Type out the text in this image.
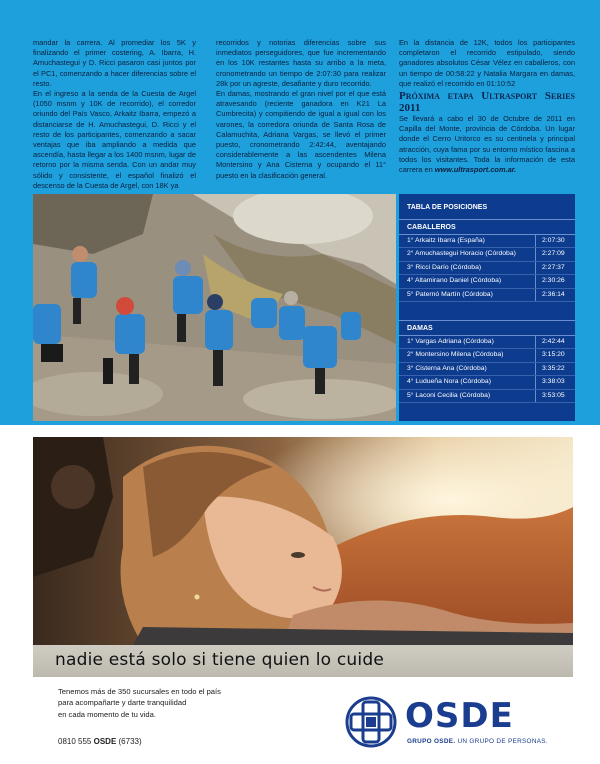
mandar la carrera. Al promediar los 5K y finalizando el primer costering, A. Ibarra, H. Amuchastegui y D. Ricci pasaron casi juntos por el PC1, comenzando a hacer diferencias sobre el resto.

En el ingreso a la senda de la Cuesta de Argel (1050 msnm y 10K de recorrido), el corredor oriundo del País Vasco, Arkaitz Ibarra, empezó a distanciarse de H. Amuchastegui, D. Ricci y el resto de los participantes, comenzando a sacar ventajas que iba ampliando a medida que ascendía, hasta llegar a los 1400 msnm, lugar de retorno por la misma senda. Con un andar muy sólido y consistente, el español finalizó el descenso de la Cuesta de Argel, con 18K ya

recorridos y notorias diferencias sobre sus inmediatos perseguidores, que fue incrementando en los 10K restantes hasta su arribo a la meta, cronometrando un tiempo de 2:07:30 para realizar 28k por un agreste, desafiante y duro recorrido.

En damas, mostrando el gran nivel por el que está atravesando (reciente ganadora en K21 La Cumbrecita) y compitiendo de igual a igual con los varones, la corredora oriunda de Santa Rosa de Calamuchita, Adriana Vargas, se llevó el primer puesto, cronometrando 2:42:44, aventajando considerablemente a las ascendentes Milena Montersino y Ana Cisterna y ocupando el 11° puesto en la clasificación general.

En la distancia de 12K, todos los participantes completaron el recorrido estipulado, siendo ganadores absolutos César Vélez en caballeros, con un tiempo de 00:58:22 y Natalia Margara en damas, que realizó el recorrido en 01:10:52

Próxima etapa Ultrasport Series 2011

Se llevará a cabo el 30 de Octubre de 2011 en Capilla del Monte, provincia de Córdoba. Un lugar donde el Cerro Uritorco es su centinela y principal atracción, cuya fama por su entorno místico fascina a todos los visitantes. Toda la información de esta carrera en www.ultrasport.com.ar.

TABLA DE POSICIONES
CABALLEROS
1° Arkaitz Ibarra (España)	2:07:30
2° Amuchastegui Horacio (Córdoba)	2:27:09
3° Ricci Darío (Córdoba)	2:27:37
4° Altamirano Daniel (Córdoba)	2:30:26
5° Paternó Martín (Córdoba)	2:36:14
DAMAS
1° Vargas Adriana (Córdoba)	2:42:44
2° Montersino Milena (Córdoba)	3:15:20
3° Cisterna Ana (Córdoba)	3:35:22
4° Ludueña Nora (Córdoba)	3:38:03
5° Laconi Cecilia (Córdoba)	3:53:05
nadie está solo si tiene quien lo cuide
Tenemos más de 350 sucursales en todo el país
para acompañarte y darte tranquilidad
en cada momento de tu vida.
0810 555 OSDE (6733)
OSDE
GRUPO OSDE. UN GRUPO DE PERSONAS.
